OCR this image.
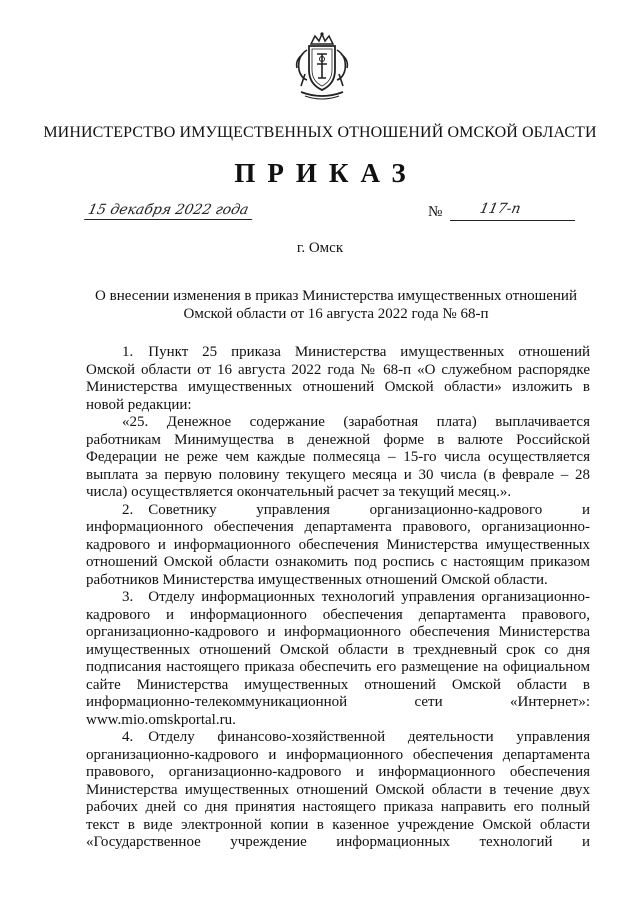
МИНИСТЕРСТВО ИМУЩЕСТВЕННЫХ ОТНОШЕНИЙ ОМСКОЙ ОБЛАСТИ
ПРИКАЗ
15 декабря 2022 года	№	117-п
г. Омск
О внесении изменения в приказ Министерства имущественных отношений Омской области от 16 августа 2022 года № 68-п

1. Пункт 25 приказа Министерства имущественных отношений Омской области от 16 августа 2022 года № 68-п «О служебном распорядке Министерства имущественных отношений Омской области» изложить в новой редакции:

«25. Денежное содержание (заработная плата) выплачивается работникам Минимущества в денежной форме в валюте Российской Федерации не реже чем каждые полмесяца – 15-го числа осуществляется выплата за первую половину текущего месяца и 30 числа (в феврале – 28 числа) осуществляется окончательный расчет за текущий месяц.».

2. Советнику управления организационно-кадрового и информационного обеспечения департамента правового, организационно-кадрового и информационного обеспечения Министерства имущественных отношений Омской области ознакомить под роспись с настоящим приказом работников Министерства имущественных отношений Омской области.

3. Отделу информационных технологий управления организационно-кадрового и информационного обеспечения департамента правового, организационно-кадрового и информационного обеспечения Министерства имущественных отношений Омской области в трехдневный срок со дня подписания настоящего приказа обеспечить его размещение на официальном сайте Министерства имущественных отношений Омской области в информационно-телекоммуникационной сети «Интернет»: www.mio.omskportal.ru.

4. Отделу финансово-хозяйственной деятельности управления организационно-кадрового и информационного обеспечения департамента правового, организационно-кадрового и информационного обеспечения Министерства имущественных отношений Омской области в течение двух рабочих дней со дня принятия настоящего приказа направить его полный текст в виде электронной копии в казенное учреждение Омской области «Государственное учреждение информационных технологий и
